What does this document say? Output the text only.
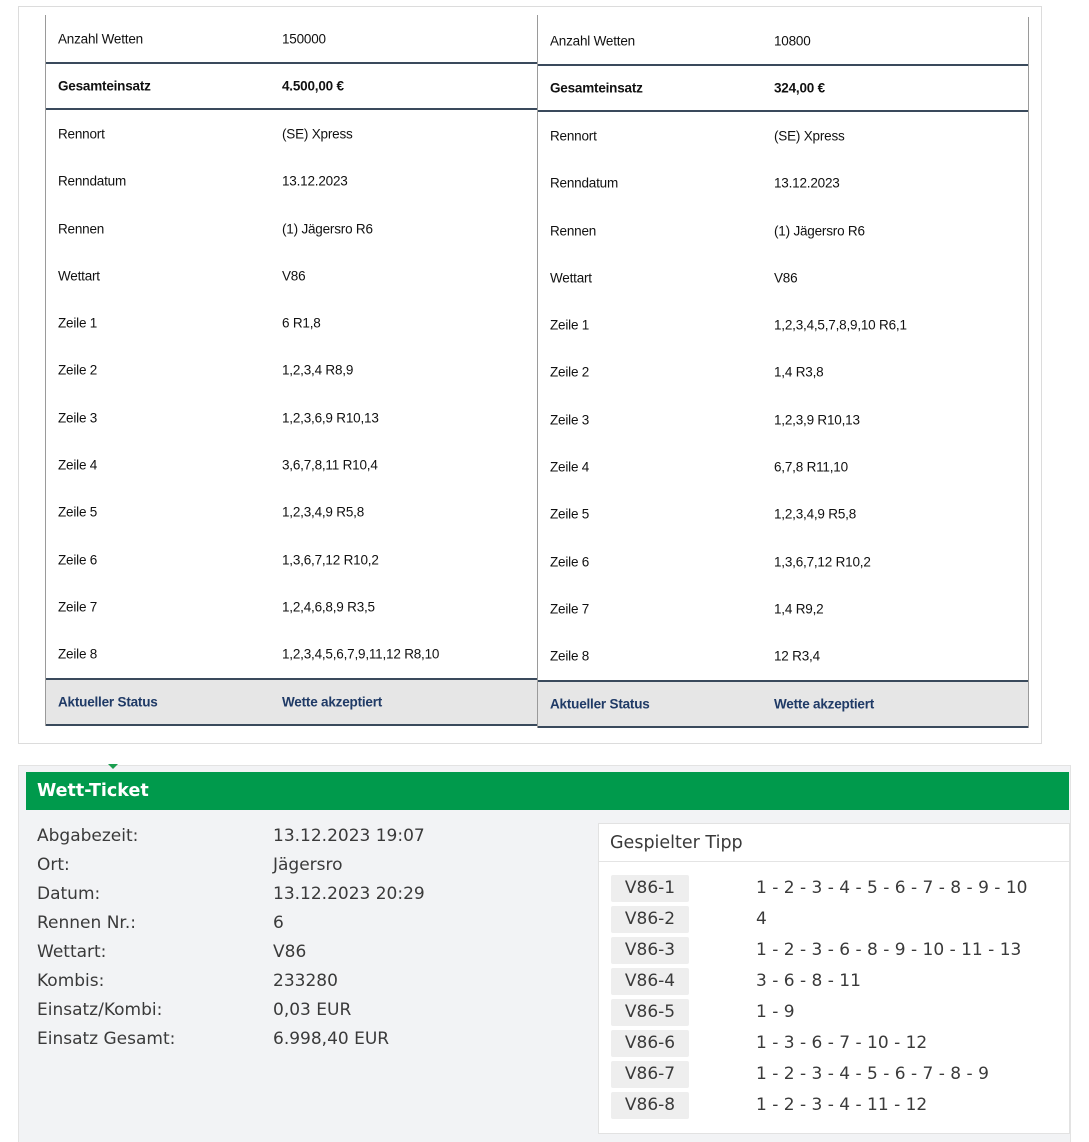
Anzahl Wetten	150000
Gesamteinsatz	4.500,00 €
Rennort	(SE) Xpress
Renndatum	13.12.2023
Rennen	(1) Jägersro R6
Wettart	V86
Zeile 1	6 R1,8
Zeile 2	1,2,3,4 R8,9
Zeile 3	1,2,3,6,9 R10,13
Zeile 4	3,6,7,8,11 R10,4
Zeile 5	1,2,3,4,9 R5,8
Zeile 6	1,3,6,7,12 R10,2
Zeile 7	1,2,4,6,8,9 R3,5
Zeile 8	1,2,3,4,5,6,7,9,11,12 R8,10
Aktueller Status	Wette akzeptiert
Anzahl Wetten	10800
Gesamteinsatz	324,00 €
Rennort	(SE) Xpress
Renndatum	13.12.2023
Rennen	(1) Jägersro R6
Wettart	V86
Zeile 1	1,2,3,4,5,7,8,9,10 R6,1
Zeile 2	1,4 R3,8
Zeile 3	1,2,3,9 R10,13
Zeile 4	6,7,8 R11,10
Zeile 5	1,2,3,4,9 R5,8
Zeile 6	1,3,6,7,12 R10,2
Zeile 7	1,4 R9,2
Zeile 8	12 R3,4
Aktueller Status	Wette akzeptiert
Wett-Ticket
Abgabezeit:	13.12.2023 19:07
Ort:	Jägersro
Datum:	13.12.2023 20:29
Rennen Nr.:	6
Wettart:	V86
Kombis:	233280
Einsatz/Kombi:	0,03 EUR
Einsatz Gesamt:	6.998,40 EUR
Gespielter Tipp
V86-1	1 - 2 - 3 - 4 - 5 - 6 - 7 - 8 - 9 - 10
V86-2	4
V86-3	1 - 2 - 3 - 6 - 8 - 9 - 10 - 11 - 13
V86-4	3 - 6 - 8 - 11
V86-5	1 - 9
V86-6	1 - 3 - 6 - 7 - 10 - 12
V86-7	1 - 2 - 3 - 4 - 5 - 6 - 7 - 8 - 9
V86-8	1 - 2 - 3 - 4 - 11 - 12
